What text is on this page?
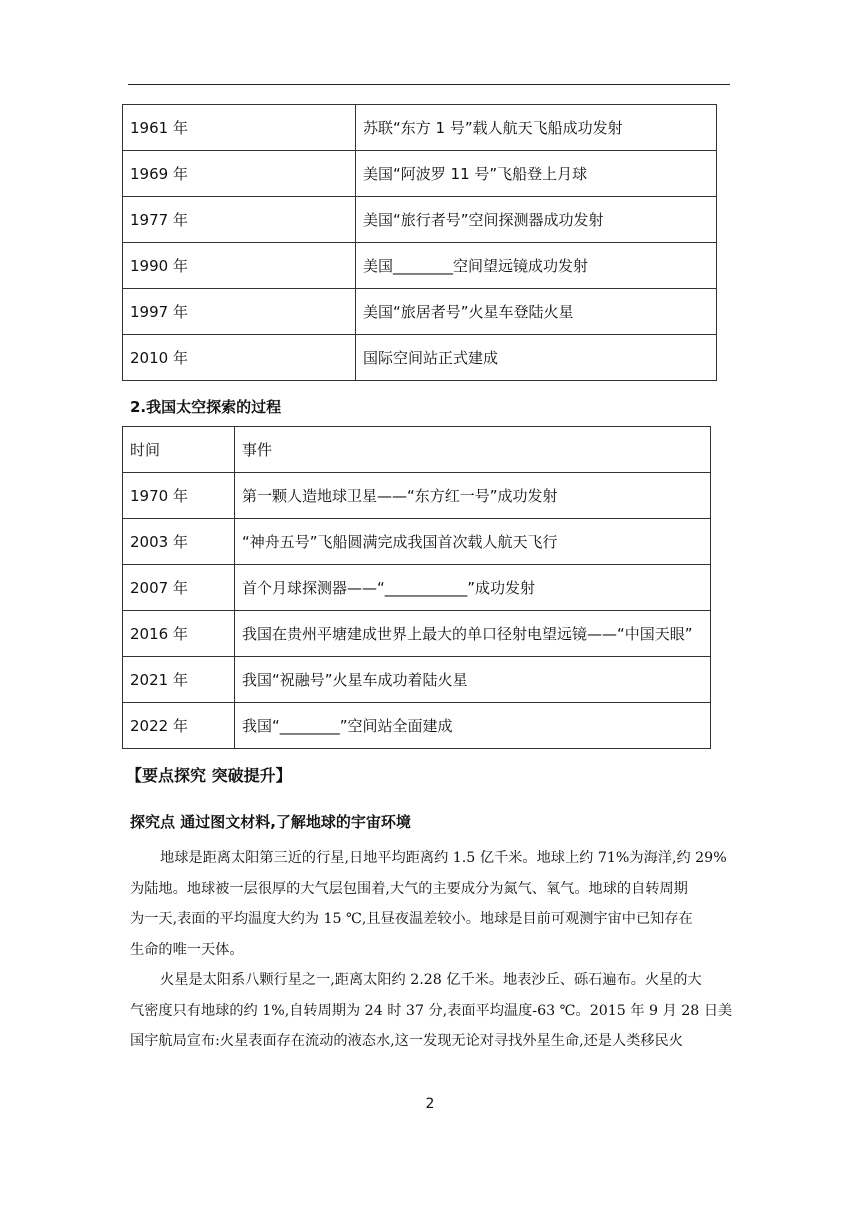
1961 年	苏联“东方 1 号”载人航天飞船成功发射
1969 年	美国“阿波罗 11 号”飞船登上月球
1977 年	美国“旅行者号”空间探测器成功发射
1990 年	美国________空间望远镜成功发射
1997 年	美国“旅居者号”火星车登陆火星
2010 年	国际空间站正式建成
2.我国太空探索的过程
时间	事件
1970 年	第一颗人造地球卫星——“东方红一号”成功发射
2003 年	“神舟五号”飞船圆满完成我国首次载人航天飞行
2007 年	首个月球探测器——“___________”成功发射
2016 年	我国在贵州平塘建成世界上最大的单口径射电望远镜——“中国天眼”
2021 年	我国“祝融号”火星车成功着陆火星
2022 年	我国“________”空间站全面建成
【要点探究 突破提升】
探究点 通过图文材料,了解地球的宇宙环境
地球是距离太阳第三近的行星,日地平均距离约 1.5 亿千米。地球上约 71%为海洋,约 29%
为陆地。地球被一层很厚的大气层包围着,大气的主要成分为氮气、氧气。地球的自转周期
为一天,表面的平均温度大约为 15 ℃,且昼夜温差较小。地球是目前可观测宇宙中已知存在
生命的唯一天体。
火星是太阳系八颗行星之一,距离太阳约 2.28 亿千米。地表沙丘、砾石遍布。火星的大
气密度只有地球的约 1%,自转周期为 24 时 37 分,表面平均温度-63 ℃。2015 年 9 月 28 日美
国宇航局宣布:火星表面存在流动的液态水,这一发现无论对寻找外星生命,还是人类移民火
2
